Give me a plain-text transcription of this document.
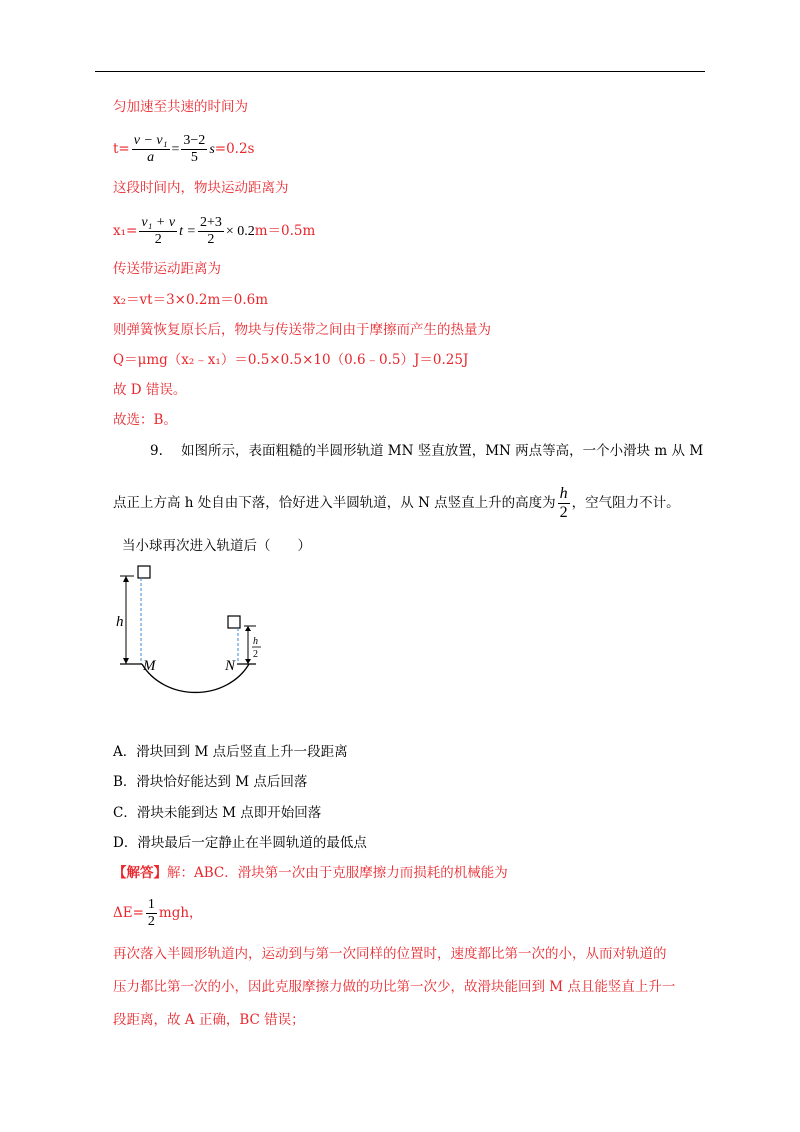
匀加速至共速的时间为
$t= \frac{\text{v − v₁}}{a} = \frac{3-2}{5} s=0.2s$
这段时间内，物块运动距离为
$x_1= \frac{\text{v₁ + v}}{2}$ $t = \frac{2+3}{2} \times 0.2m=0.5m$
传送带运动距离为
x₂＝vt＝3×0.2m＝0.6m
则弹簧恢复原长后，物块与传送带之间由于摩擦而产生的热量为
Q＝μmg（x₂﹣x₁）＝0.5×0.5×10（0.6﹣0.5）J＝0.25J
故 D 错误。
故选：B。
9. 如图所示，表面粗糙的半圆形轨道 MN 竖直放置，MN 两点等高，一个小滑块 m 从 M
点正上方高 h 处自由下落，恰好进入半圆轨道，从 N 点竖直上升的高度为 $\frac{h}{2}$ ，空气阻力不计。
当小球再次进入轨道后（　　）
h
M	N
h
2
A．滑块回到 M 点后竖直上升一段距离
B．滑块恰好能达到 M 点后回落
C．滑块未能到达 M 点即开始回落
D．滑块最后一定静止在半圆轨道的最低点
【解答】解：ABC．滑块第一次由于克服摩擦力而损耗的机械能为
$\Delta E= \frac{1}{2}$ mgh，
再次落入半圆形轨道内，运动到与第一次同样的位置时，速度都比第一次的小，从而对轨道的
压力都比第一次的小，因此克服摩擦力做的功比第一次少，故滑块能回到 M 点且能竖直上升一
段距离，故 A 正确，BC 错误；
